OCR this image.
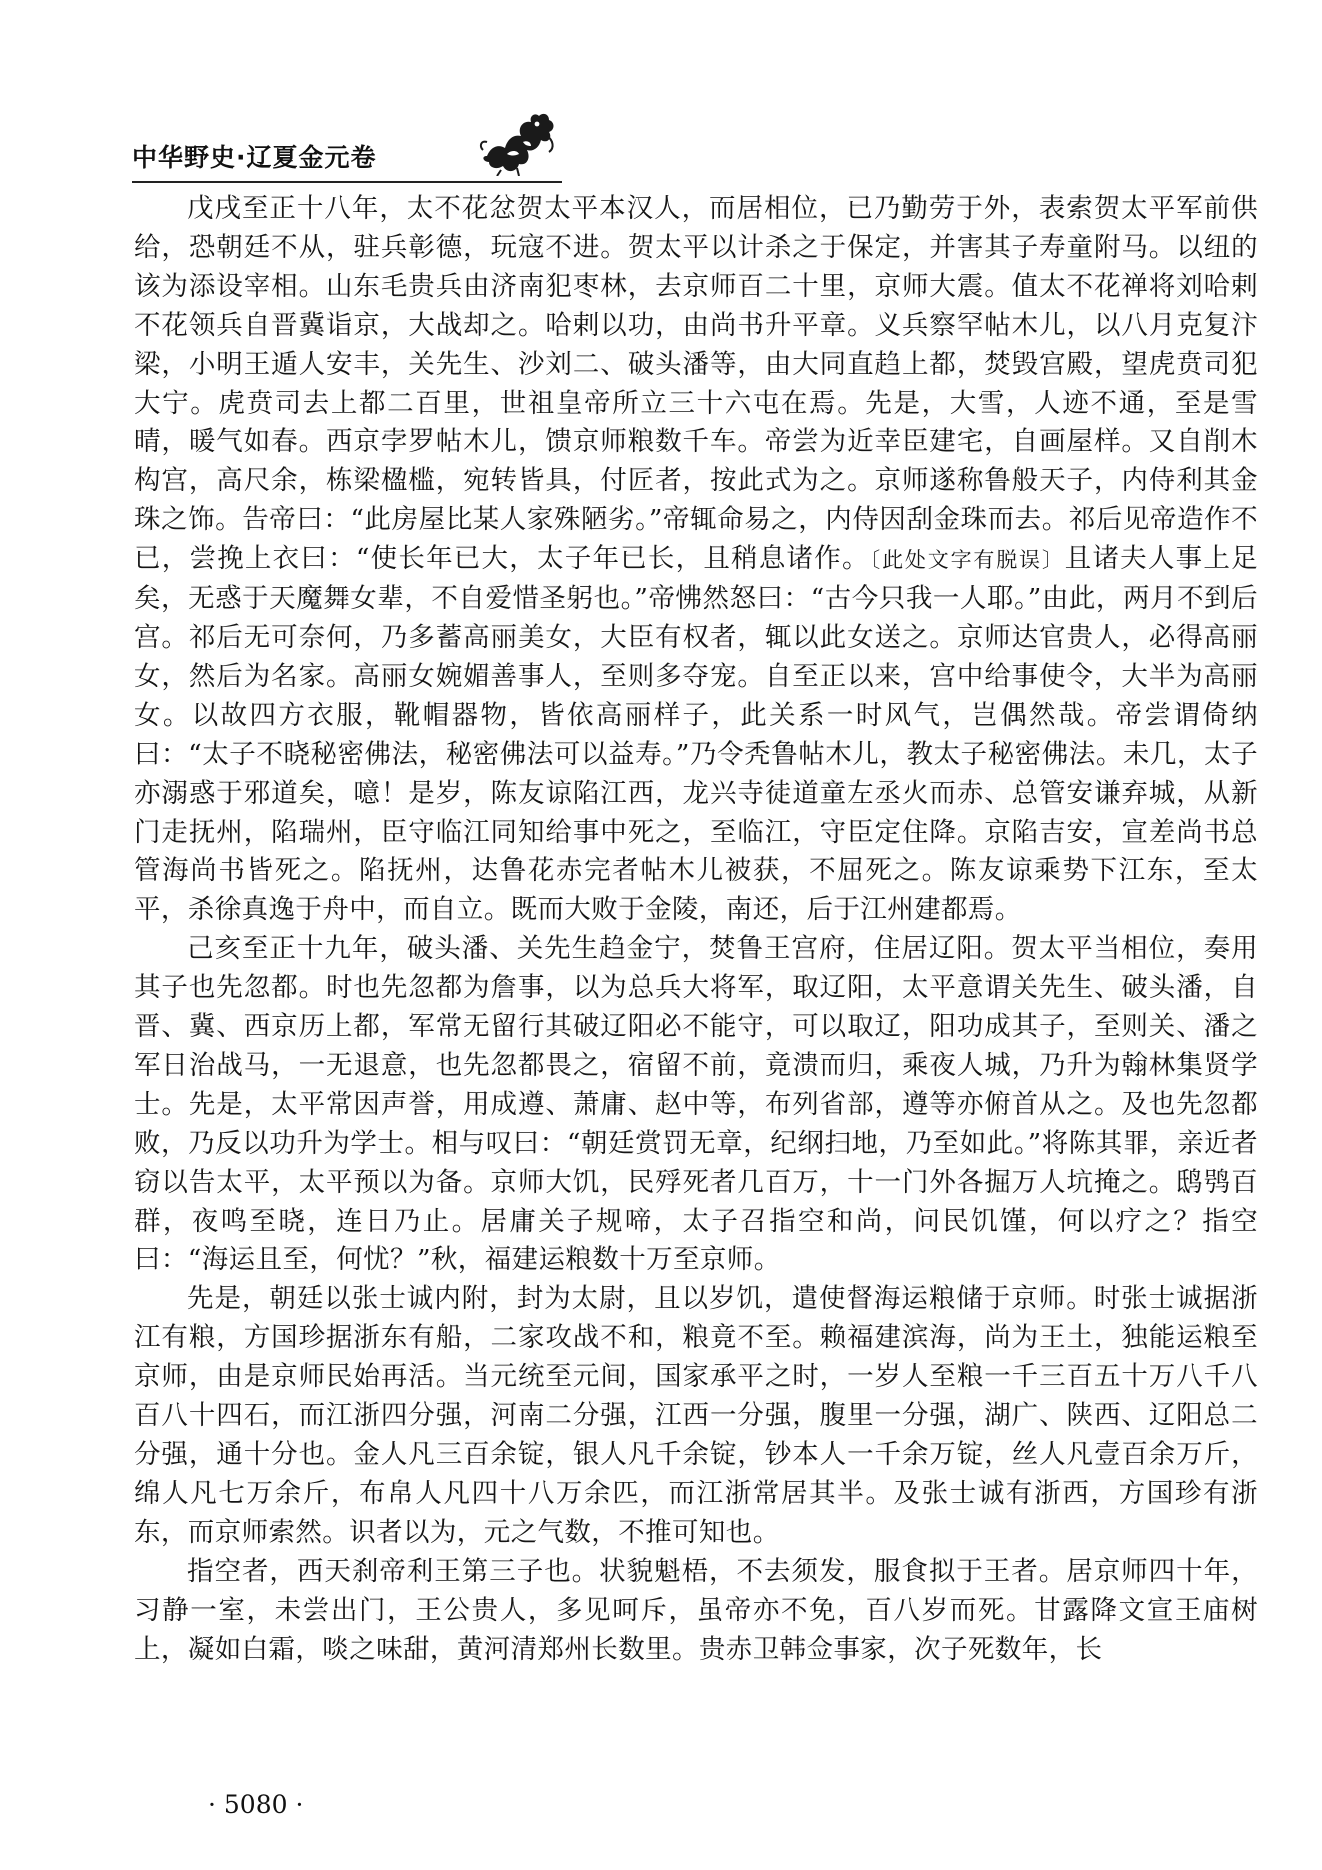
中华野史·辽夏金元卷

戊戌至正十八年，太不花忿贺太平本汉人，而居相位，已乃勤劳于外，表索贺太平军前供给，恐朝廷不从，驻兵彰德，玩寇不进。贺太平以计杀之于保定，并害其子寿童附马。以纽的该为添设宰相。山东毛贵兵由济南犯枣林，去京师百二十里，京师大震。值太不花禅将刘哈剌不花领兵自晋冀诣京，大战却之。哈剌以功，由尚书升平章。义兵察罕帖木儿，以八月克复汴梁，小明王遁人安丰，关先生、沙刘二、破头潘等，由大同直趋上都，焚毁宫殿，望虎贲司犯大宁。虎贲司去上都二百里，世祖皇帝所立三十六屯在焉。先是，大雪，人迹不通，至是雪晴，暖气如春。西京孛罗帖木儿，馈京师粮数千车。帝尝为近幸臣建宅，自画屋样。又自削木构宫，高尺余，栋梁楹槛，宛转皆具，付匠者，按此式为之。京师遂称鲁般天子，内侍利其金珠之饰。告帝曰：“此房屋比某人家殊陋劣。”帝辄命易之，内侍因刮金珠而去。祁后见帝造作不已，尝挽上衣曰：“使长年已大，太子年已长，且稍息诸作。〔此处文字有脱误〕且诸夫人事上足矣，无惑于天魔舞女辈，不自爱惜圣躬也。”帝怫然怒曰：“古今只我一人耶。”由此，两月不到后宫。祁后无可奈何，乃多蓄高丽美女，大臣有权者，辄以此女送之。京师达官贵人，必得高丽女，然后为名家。高丽女婉媚善事人，至则多夺宠。自至正以来，宫中给事使令，大半为高丽女。以故四方衣服，靴帽器物，皆依高丽样子，此关系一时风气，岂偶然哉。帝尝谓倚纳曰：“太子不晓秘密佛法，秘密佛法可以益寿。”乃令秃鲁帖木儿，教太子秘密佛法。未几，太子亦溺惑于邪道矣，噫！是岁，陈友谅陷江西，龙兴寺徒道童左丞火而赤、总管安谦弃城，从新门走抚州，陷瑞州，臣守临江同知给事中死之，至临江，守臣定住降。京陷吉安，宣差尚书总管海尚书皆死之。陷抚州，达鲁花赤完者帖木儿被获，不屈死之。陈友谅乘势下江东，至太平，杀徐真逸于舟中，而自立。既而大败于金陵，南还，后于江州建都焉。

己亥至正十九年，破头潘、关先生趋金宁，焚鲁王宫府，住居辽阳。贺太平当相位，奏用其子也先忽都。时也先忽都为詹事，以为总兵大将军，取辽阳，太平意谓关先生、破头潘，自晋、冀、西京历上都，军常无留行其破辽阳必不能守，可以取辽，阳功成其子，至则关、潘之军日治战马，一无退意，也先忽都畏之，宿留不前，竟溃而归，乘夜人城，乃升为翰林集贤学士。先是，太平常因声誉，用成遵、萧庸、赵中等，布列省部，遵等亦俯首从之。及也先忽都败，乃反以功升为学士。相与叹曰：“朝廷赏罚无章，纪纲扫地，乃至如此。”将陈其罪，亲近者窃以告太平，太平预以为备。京师大饥，民殍死者几百万，十一门外各掘万人坑掩之。鸱鸮百群，夜鸣至晓，连日乃止。居庸关子规啼，太子召指空和尚，问民饥馑，何以疗之？指空曰：“海运且至，何忧？”秋，福建运粮数十万至京师。

先是，朝廷以张士诚内附，封为太尉，且以岁饥，遣使督海运粮储于京师。时张士诚据浙江有粮，方国珍据浙东有船，二家攻战不和，粮竟不至。赖福建滨海，尚为王土，独能运粮至京师，由是京师民始再活。当元统至元间，国家承平之时，一岁人至粮一千三百五十万八千八百八十四石，而江浙四分强，河南二分强，江西一分强，腹里一分强，湖广、陕西、辽阳总二分强，通十分也。金人凡三百余锭，银人凡千余锭，钞本人一千余万锭，丝人凡壹百余万斤，绵人凡七万余斤，布帛人凡四十八万余匹，而江浙常居其半。及张士诚有浙西，方国珍有浙东，而京师索然。识者以为，元之气数，不推可知也。

指空者，西天刹帝利王第三子也。状貌魁梧，不去须发，服食拟于王者。居京师四十年，习静一室，未尝出门，王公贵人，多见呵斥，虽帝亦不免，百八岁而死。甘露降文宣王庙树上，凝如白霜，啖之味甜，黄河清郑州长数里。贵赤卫韩佥事家，次子死数年，长

· 5080 ·
